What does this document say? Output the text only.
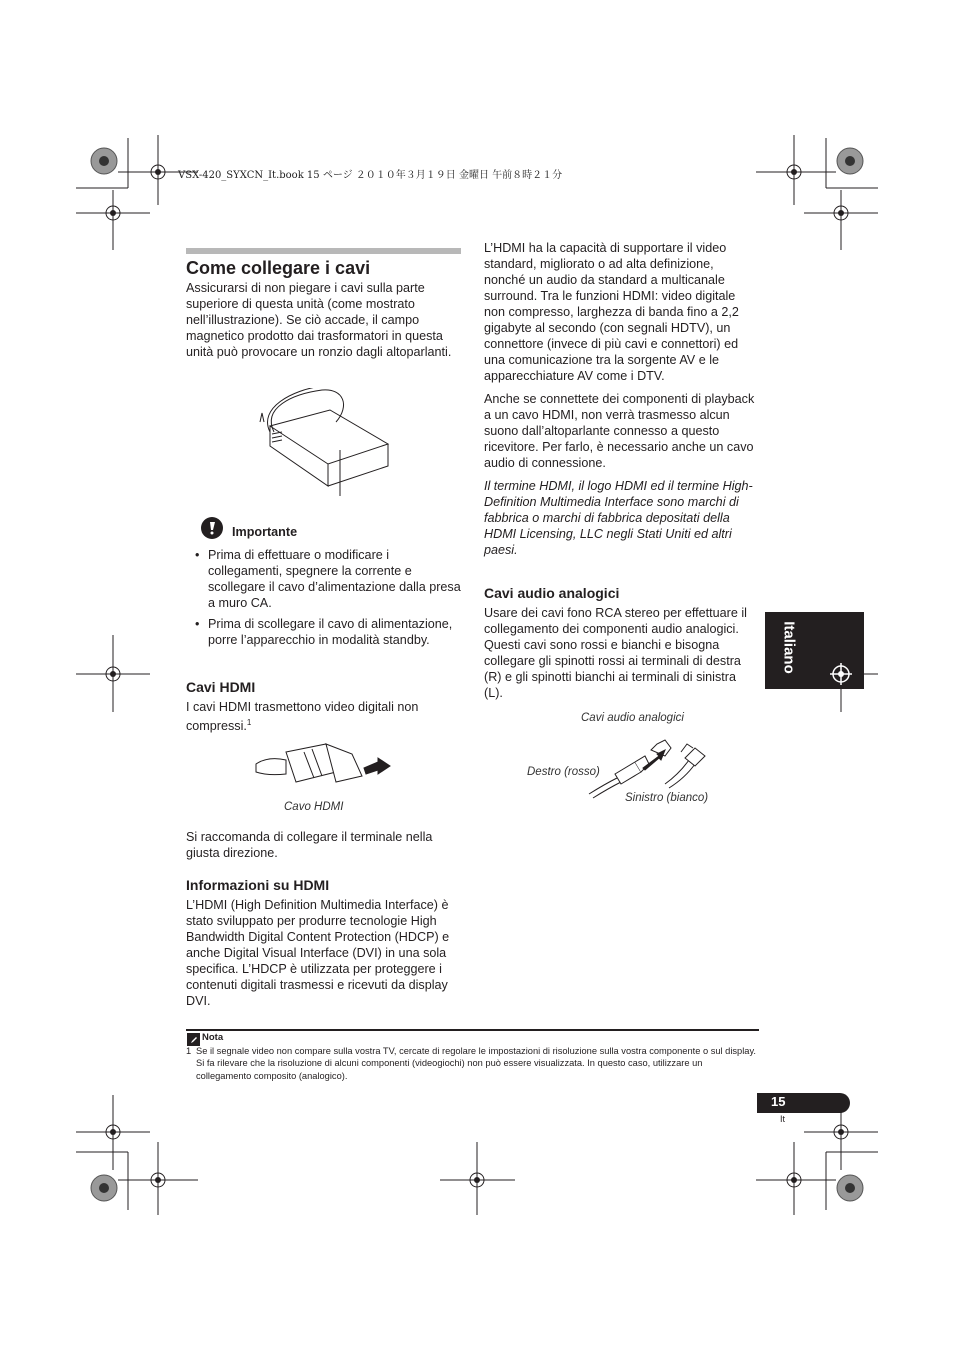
VSX-420_SYXCN_It.book 15 ページ ２０１０年３月１９日 金曜日 午前８時２１分
Come collegare i cavi
Assicurarsi di non piegare i cavi sulla parte superiore di questa unità (come mostrato nell’illustrazione). Se ciò accade, il campo magnetico prodotto dai trasformatori in questa unità può provocare un ronzio dagli altoparlanti.
Importante
• Prima di effettuare o modificare i collegamenti, spegnere la corrente e scollegare il cavo d’alimentazione dalla presa a muro CA.
• Prima di scollegare il cavo di alimentazione, porre l’apparecchio in modalità standby.
Cavi HDMI
I cavi HDMI trasmettono video digitali non compressi.$^1$
Cavo HDMI
Si raccomanda di collegare il terminale nella giusta direzione.
Informazioni su HDMI
L’HDMI (High Definition Multimedia Interface) è stato sviluppato per produrre tecnologie High Bandwidth Digital Content Protection (HDCP) e anche Digital Visual Interface (DVI) in una sola specifica. L’HDCP è utilizzata per proteggere i contenuti digitali trasmessi e ricevuti da display DVI.

L’HDMI ha la capacità di supportare il video standard, migliorato o ad alta definizione, nonché un audio da standard a multicanale surround. Tra le funzioni HDMI: video digitale non compresso, larghezza di banda fino a 2,2 gigabyte al secondo (con segnali HDTV), un connettore (invece di più cavi e connettori) ed una comunicazione tra la sorgente AV e le apparecchiature AV come i DTV.

Anche se connettete dei componenti di playback a un cavo HDMI, non verrà trasmesso alcun suono dall’altoparlante connesso a questo ricevitore. Per farlo, è necessario anche un cavo audio di connessione.

Il termine HDMI, il logo HDMI ed il termine High-Definition Multimedia Interface sono marchi di fabbrica o marchi di fabbrica depositati della HDMI Licensing, LLC negli Stati Uniti ed altri paesi.

Cavi audio analogici
Usare dei cavi fono RCA stereo per effettuare il collegamento dei componenti audio analogici. Questi cavi sono rossi e bianchi e bisogna collegare gli spinotti rossi ai terminali di destra (R) e gli spinotti bianchi ai terminali di sinistra (L).
Cavi audio analogici
Destro (rosso)
Sinistro (bianco)
Italiano
Nota
1 Se il segnale video non compare sulla vostra TV, cercate di regolare le impostazioni di risoluzione sulla vostra componente o sul display. Si fa rilevare che la risoluzione di alcuni componenti (videogiochi) non può essere visualizzata. In questo caso, utilizzare un collegamento composito (analogico).
15
It
